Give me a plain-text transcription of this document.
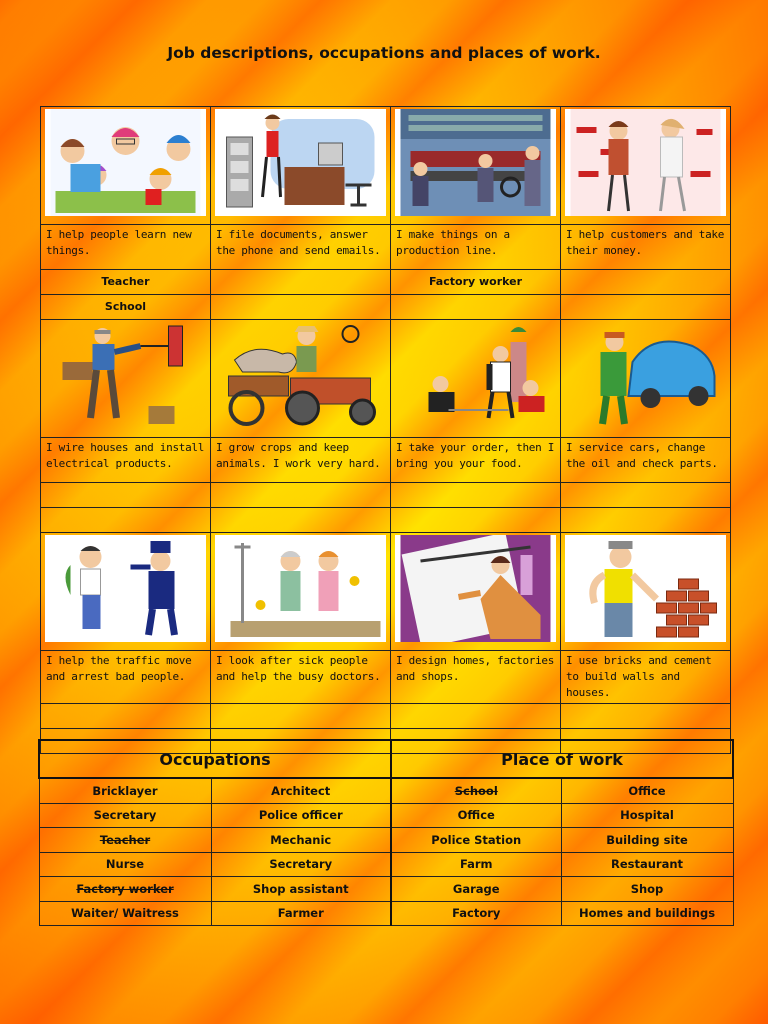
Job descriptions, occupations and places of work.

I help people learn new things.	I file documents, answer the phone and send emails.	I make things on a production line.	I help customers and take their money.
Teacher		Factory worker	
School			

I wire houses and install electrical products.	I grow crops and keep animals. I work very hard.	I take your order, then I bring you your food.	I service cars, change the oil and check parts.

I help the traffic move and arrest bad people.	I look after sick people and help the busy doctors.	I design homes, factories and shops.	I use bricks and cement to build walls and houses.

Occupations		Place of work	
Bricklayer	Architect	School	Office
Secretary	Police officer	Office	Hospital
Teacher	Mechanic	Police Station	Building site
Nurse	Secretary	Farm	Restaurant
Factory worker	Shop assistant	Garage	Shop
Waiter/ Waitress	Farmer	Factory	Homes and buildings
